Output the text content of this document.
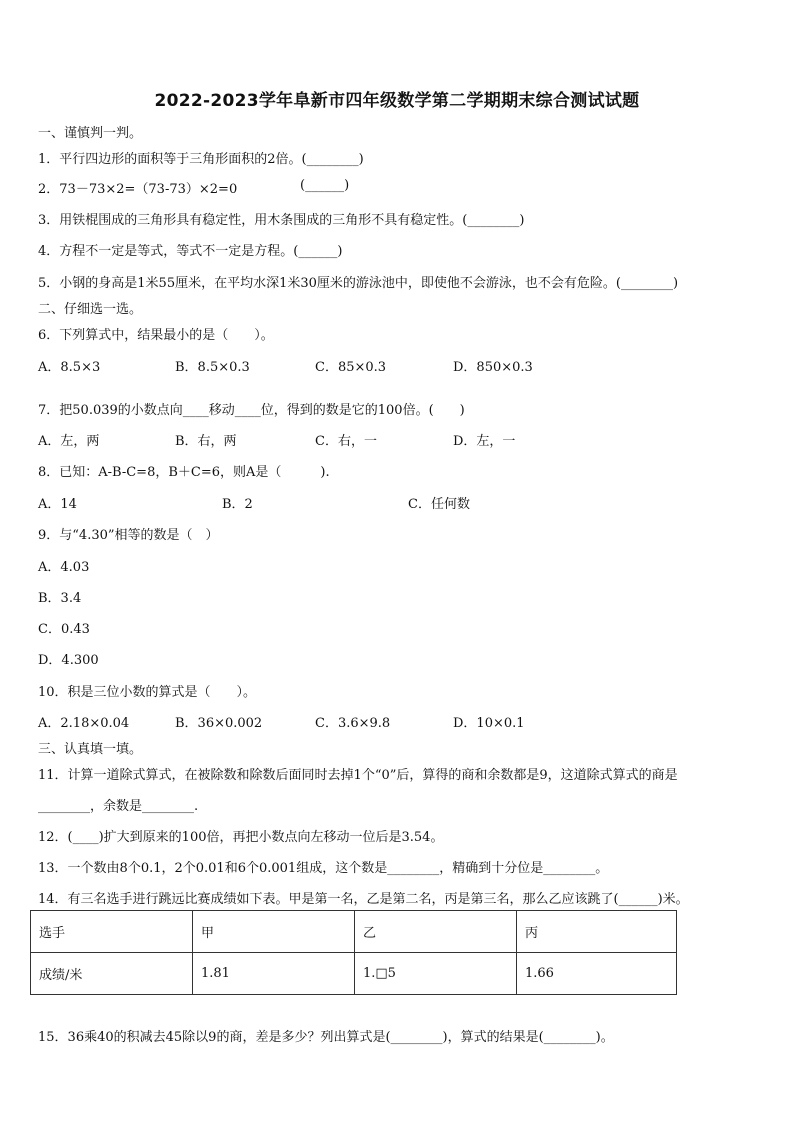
2022-2023学年阜新市四年级数学第二学期期末综合测试试题
一、谨慎判一判。
1．平行四边形的面积等于三角形面积的2倍。(________)
2．73－73×2=（73-73）×2=0	(______)
3．用铁棍围成的三角形具有稳定性，用木条围成的三角形不具有稳定性。(________)
4．方程不一定是等式，等式不一定是方程。(______)
5．小钢的身高是1米55厘米，在平均水深1米30厘米的游泳池中，即使他不会游泳，也不会有危险。(________)
二、仔细选一选。
6．下列算式中，结果最小的是（　　）。
A．8.5×3	B．8.5×0.3	C．85×0.3	D．850×0.3
7．把50.039的小数点向____移动____位，得到的数是它的100倍。(　　)
A．左，两	B．右，两	C．右，一	D．左，一
8．已知：A-B-C=8，B＋C=6，则A是（　　　).
A．14	B．2	C．任何数
9．与“4.30”相等的数是（　）
A．4.03
B．3.4
C．0.43
D．4.300
10．积是三位小数的算式是（　　）。
A．2.18×0.04	B．36×0.002	C．3.6×9.8	D．10×0.1
三、认真填一填。
11．计算一道除式算式，在被除数和除数后面同时去掉1个“0”后，算得的商和余数都是9，这道除式算式的商是
________，余数是________.
12．(____)扩大到原来的100倍，再把小数点向左移动一位后是3.54。
13．一个数由8个0.1，2个0.01和6个0.001组成，这个数是________，精确到十分位是________。
14．有三名选手进行跳远比赛成绩如下表。甲是第一名，乙是第二名，丙是第三名，那么乙应该跳了(______)米。
选手	甲	乙	丙
成绩/米	1.81	1.□5	1.66
15．36乘40的积减去45除以9的商，差是多少？列出算式是(________)，算式的结果是(________)。
